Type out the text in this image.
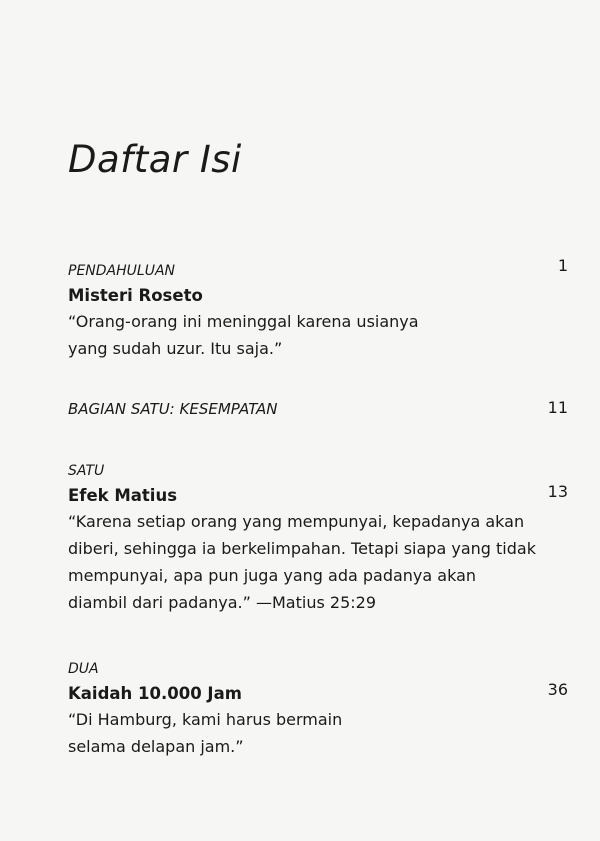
Daftar Isi
PENDAHULUAN
Misteri Roseto
“Orang-orang ini meninggal karena usianya
yang sudah uzur. Itu saja.”
1
BAGIAN SATU: KESEMPATAN	11
SATU
Efek Matius
“Karena setiap orang yang mempunyai, kepadanya akan
diberi, sehingga ia berkelimpahan. Tetapi siapa yang tidak
mempunyai, apa pun juga yang ada padanya akan
diambil dari padanya.” —Matius 25:29
13
DUA
Kaidah 10.000 Jam
“Di Hamburg, kami harus bermain
selama delapan jam.”
36
